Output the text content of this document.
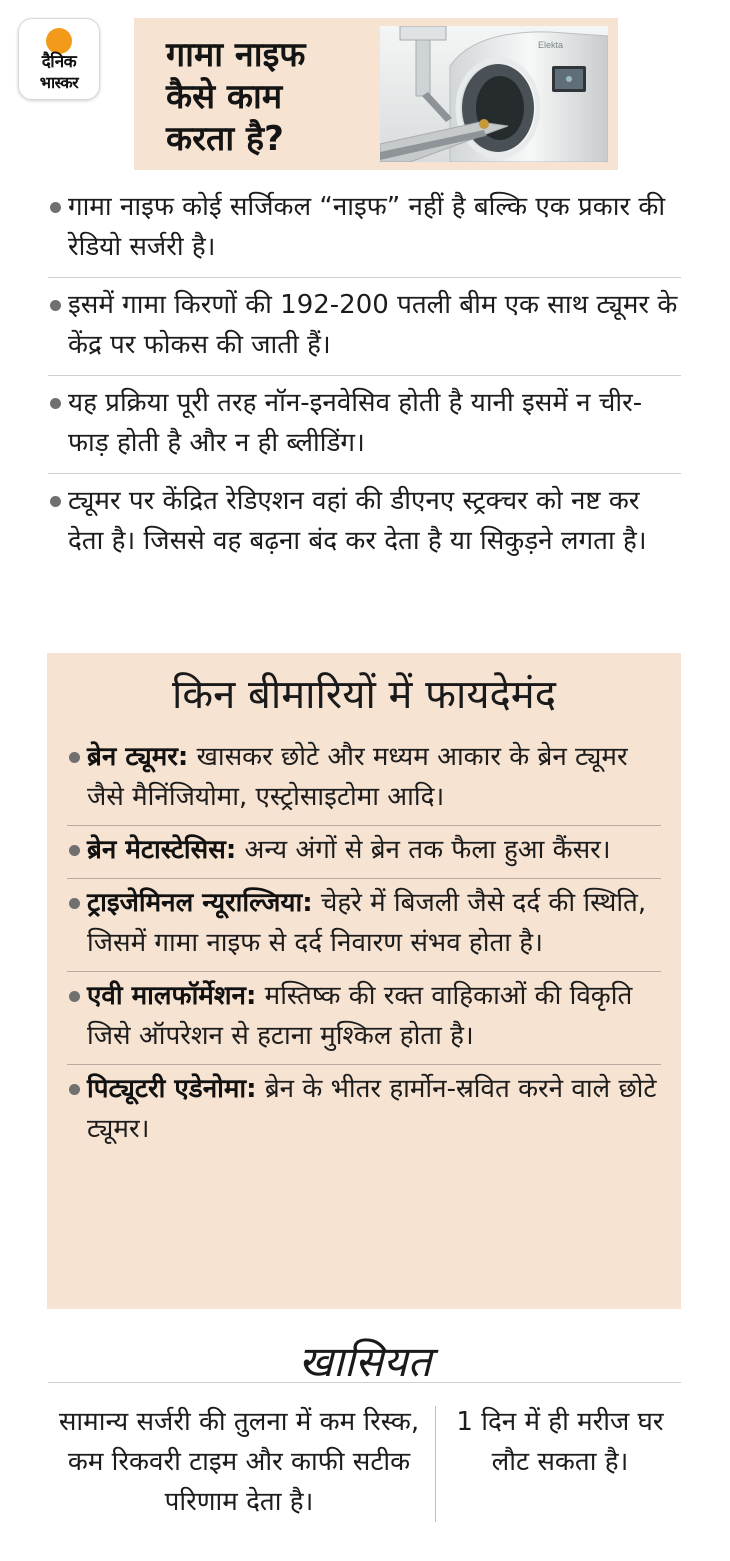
दैनिक
भास्कर
गामा नाइफ
कैसे काम
करता है?
Elekta
गामा नाइफ कोई सर्जिकल “नाइफ” नहीं है बल्कि एक प्रकार की रेडियो सर्जरी है।
इसमें गामा किरणों की 192-200 पतली बीम एक साथ ट्यूमर के केंद्र पर फोकस की जाती हैं।
यह प्रक्रिया पूरी तरह नॉन-इनवेसिव होती है यानी इसमें न चीर-फाड़ होती है और न ही ब्लीडिंग।
ट्यूमर पर केंद्रित रेडिएशन वहां की डीएनए स्ट्रक्चर को नष्ट कर देता है। जिससे वह बढ़ना बंद कर देता है या सिकुड़ने लगता है।
किन बीमारियों में फायदेमंद
ब्रेन ट्यूमर: खासकर छोटे और मध्यम आकार के ब्रेन ट्यूमर जैसे मैनिंजियोमा, एस्ट्रोसाइटोमा आदि।
ब्रेन मेटास्टेसिस: अन्य अंगों से ब्रेन तक फैला हुआ कैंसर।
ट्राइजेमिनल न्यूराल्जिया: चेहरे में बिजली जैसे दर्द की स्थिति, जिसमें गामा नाइफ से दर्द निवारण संभव होता है।
एवी मालफॉर्मेशन: मस्तिष्क की रक्त वाहिकाओं की विकृति जिसे ऑपरेशन से हटाना मुश्किल होता है।
पिट्यूटरी एडेनोमा: ब्रेन के भीतर हार्मोन-स्रवित करने वाले छोटे ट्यूमर।
खासियत
सामान्य सर्जरी की तुलना में कम रिस्क, कम रिकवरी टाइम और काफी सटीक परिणाम देता है।
1 दिन में ही मरीज घर लौट सकता है।
